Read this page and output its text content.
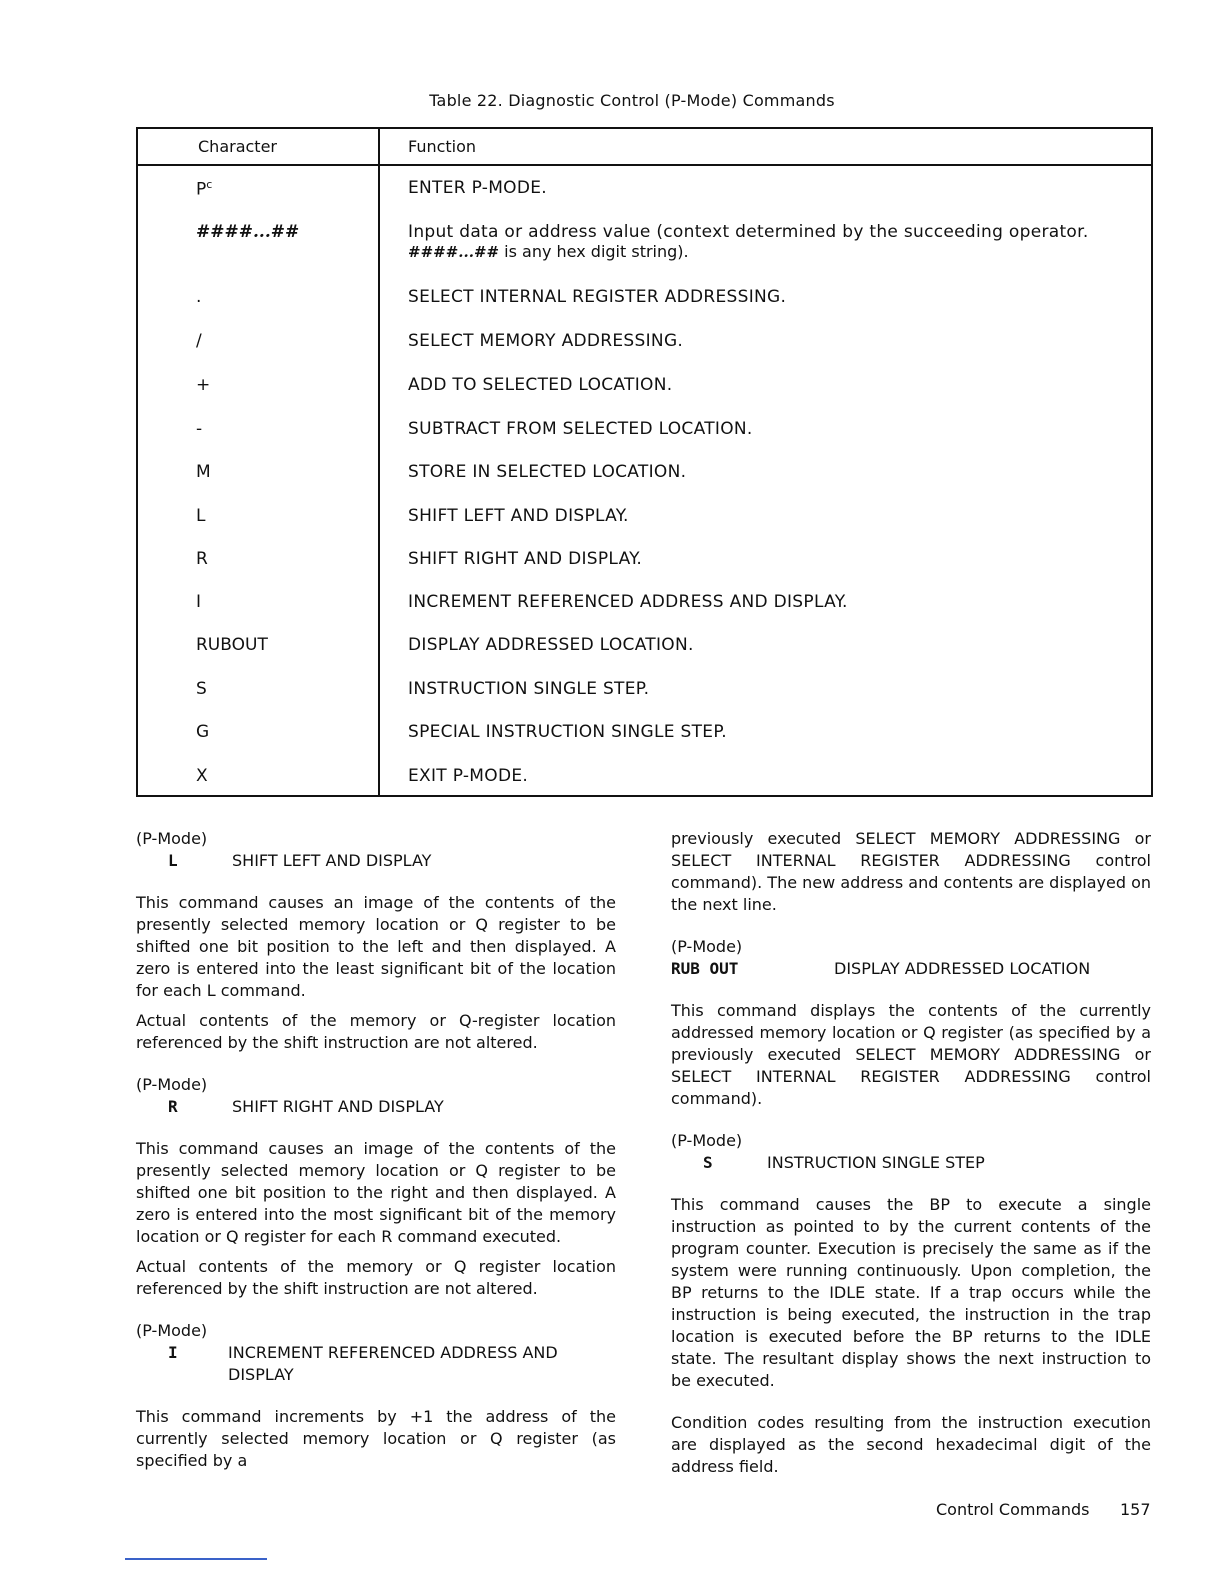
Table 22. Diagnostic Control (P-Mode) Commands
Character	Function
$P^c$	ENTER P-MODE.
####...##	Input data or address value (context determined by the succeeding operator.
####...## is any hex digit string).
.	SELECT INTERNAL REGISTER ADDRESSING.
/	SELECT MEMORY ADDRESSING.
+	ADD TO SELECTED LOCATION.
-	SUBTRACT FROM SELECTED LOCATION.
M	STORE IN SELECTED LOCATION.
L	SHIFT LEFT AND DISPLAY.
R	SHIFT RIGHT AND DISPLAY.
I	INCREMENT REFERENCED ADDRESS AND DISPLAY.
RUBOUT	DISPLAY ADDRESSED LOCATION.
S	INSTRUCTION SINGLE STEP.
G	SPECIAL INSTRUCTION SINGLE STEP.
X	EXIT P-MODE.
(P-Mode)
L	SHIFT LEFT AND DISPLAY

This command causes an image of the contents of the presently selected memory location or Q register to be shifted one bit position to the left and then displayed. A zero is entered into the least significant bit of the location for each L command.

Actual contents of the memory or Q-register location referenced by the shift instruction are not altered.

(P-Mode)
R	SHIFT RIGHT AND DISPLAY

This command causes an image of the contents of the presently selected memory location or Q register to be shifted one bit position to the right and then displayed. A zero is entered into the most significant bit of the memory location or Q register for each R command executed.

Actual contents of the memory or Q register location referenced by the shift instruction are not altered.

(P-Mode)
I	INCREMENT REFERENCED ADDRESS AND
DISPLAY

This command increments by +1 the address of the currently selected memory location or Q register (as specified by a

previously executed SELECT MEMORY ADDRESSING or SELECT INTERNAL REGISTER ADDRESSING control command). The new address and contents are displayed on the next line.

(P-Mode)
RUB OUT	DISPLAY ADDRESSED LOCATION

This command displays the contents of the currently addressed memory location or Q register (as specified by a previously executed SELECT MEMORY ADDRESSING or SELECT INTERNAL REGISTER ADDRESSING control command).

(P-Mode)
S	INSTRUCTION SINGLE STEP

This command causes the BP to execute a single instruction as pointed to by the current contents of the program counter. Execution is precisely the same as if the system were running continuously. Upon completion, the BP returns to the IDLE state. If a trap occurs while the instruction is being executed, the instruction in the trap location is executed before the BP returns to the IDLE state. The resultant display shows the next instruction to be executed.

Condition codes resulting from the instruction execution are displayed as the second hexadecimal digit of the address field.

Control Commands 157
